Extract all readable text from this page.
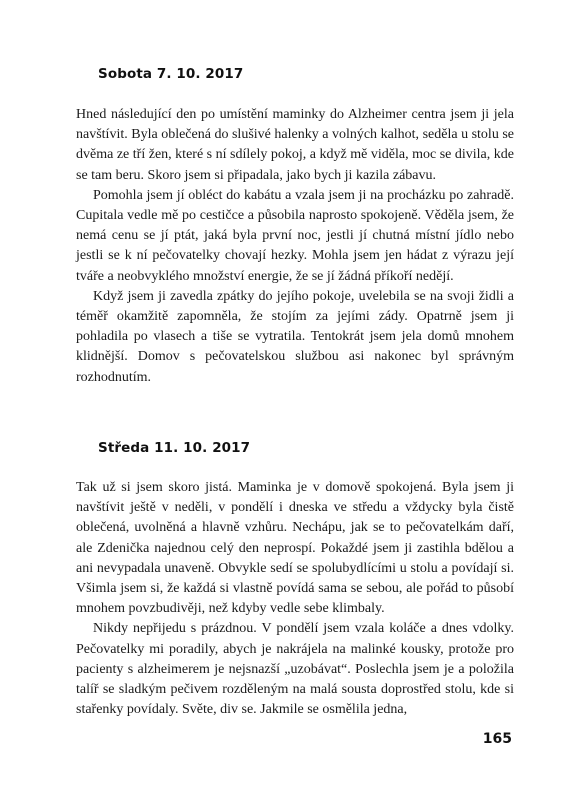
Sobota 7. 10. 2017

Hned následující den po umístění maminky do Alzheimer centra jsem ji jela navštívit. Byla oblečená do slušivé halenky a volných kalhot, seděla u stolu se dvěma ze tří žen, které s ní sdílely pokoj, a když mě viděla, moc se divila, kde se tam beru. Skoro jsem si připadala, jako bych ji kazila zábavu.

Pomohla jsem jí obléct do kabátu a vzala jsem ji na procházku po zahradě. Cupitala vedle mě po cestičce a působila naprosto spokojeně. Věděla jsem, že nemá cenu se jí ptát, jaká byla první noc, jestli jí chutná místní jídlo nebo jestli se k ní pečovatelky chovají hezky. Mohla jsem jen hádat z výrazu její tváře a neobvyklého množství energie, že se jí žádná příkoří nedějí.

Když jsem ji zavedla zpátky do jejího pokoje, uvelebila se na svoji židli a téměř okamžitě zapomněla, že stojím za jejími zády. Opatrně jsem ji pohladila po vlasech a tiše se vytratila. Tentokrát jsem jela domů mnohem klidnější. Domov s pečovatelskou službou asi nakonec byl správným rozhodnutím.

Středa 11. 10. 2017

Tak už si jsem skoro jistá. Maminka je v domově spokojená. Byla jsem ji navštívit ještě v neděli, v pondělí i dneska ve středu a vždycky byla čistě oblečená, uvolněná a hlavně vzhůru. Nechápu, jak se to pečovatelkám daří, ale Zdenička najednou celý den neprospí. Pokaždé jsem ji zastihla bdělou a ani nevypadala unaveně. Obvykle sedí se spolubydlícími u stolu a povídají si. Všimla jsem si, že každá si vlastně povídá sama se sebou, ale pořád to působí mnohem povzbudivěji, než kdyby vedle sebe klimbaly.

Nikdy nepřijedu s prázdnou. V pondělí jsem vzala koláče a dnes vdolky. Pečovatelky mi poradily, abych je nakrájela na malinké kousky, protože pro pacienty s alzheimerem je nejsnazší „uzobávat“. Poslechla jsem je a položila talíř se sladkým pečivem rozděleným na malá sousta doprostřed stolu, kde si stařenky povídaly. Světe, div se. Jakmile se osmělila jedna,

165
